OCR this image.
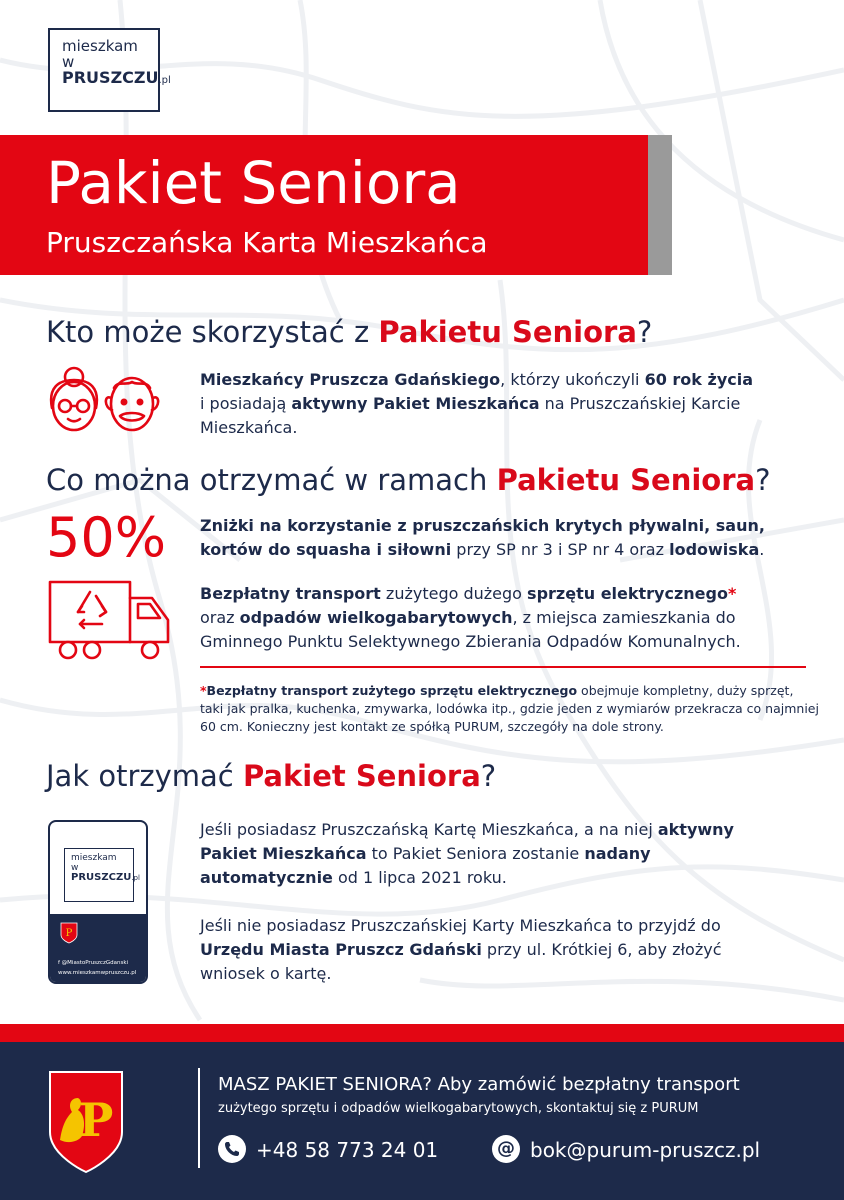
mieszkam
w
PRUSZCZU.pl
Pakiet Seniora
Pruszczańska Karta Mieszkańca
Kto może skorzystać z Pakietu Seniora?
Mieszkańcy Pruszcza Gdańskiego, którzy ukończyli 60 rok życia
i posiadają aktywny Pakiet Mieszkańca na Pruszczańskiej Karcie
Mieszkańca.
Co można otrzymać w ramach Pakietu Seniora?
50% Zniżki na korzystanie z pruszczańskich krytych pływalni, saun,
kortów do squasha i siłowni przy SP nr 3 i SP nr 4 oraz lodowiska.
Bezpłatny transport zużytego dużego sprzętu elektrycznego*
oraz odpadów wielkogabarytowych, z miejsca zamieszkania do
Gminnego Punktu Selektywnego Zbierania Odpadów Komunalnych.
*Bezpłatny transport zużytego sprzętu elektrycznego obejmuje kompletny, duży sprzęt, taki jak pralka, kuchenka, zmywarka, lodówka itp., gdzie jeden z wymiarów przekracza co najmniej 60 cm. Konieczny jest kontakt ze spółką PURUM, szczegóły na dole strony.
Jak otrzymać Pakiet Seniora?
mieszkam
w
PRUSZCZU.pl
P
f @MiastoPruszczGdanski
www.mieszkamwpruszczu.pl
Jeśli posiadasz Pruszczańską Kartę Mieszkańca, a na niej aktywny
Pakiet Mieszkańca to Pakiet Seniora zostanie nadany
automatycznie od 1 lipca 2021 roku.
Jeśli nie posiadasz Pruszczańskiej Karty Mieszkańca to przyjdź do
Urzędu Miasta Pruszcz Gdański przy ul. Krótkiej 6, aby złożyć
wniosek o kartę.
P
MASZ PAKIET SENIORA? Aby zamówić bezpłatny transport
zużytego sprzętu i odpadów wielkogabarytowych, skontaktuj się z PURUM
+48 58 773 24 01	@ bok@purum-pruszcz.pl
